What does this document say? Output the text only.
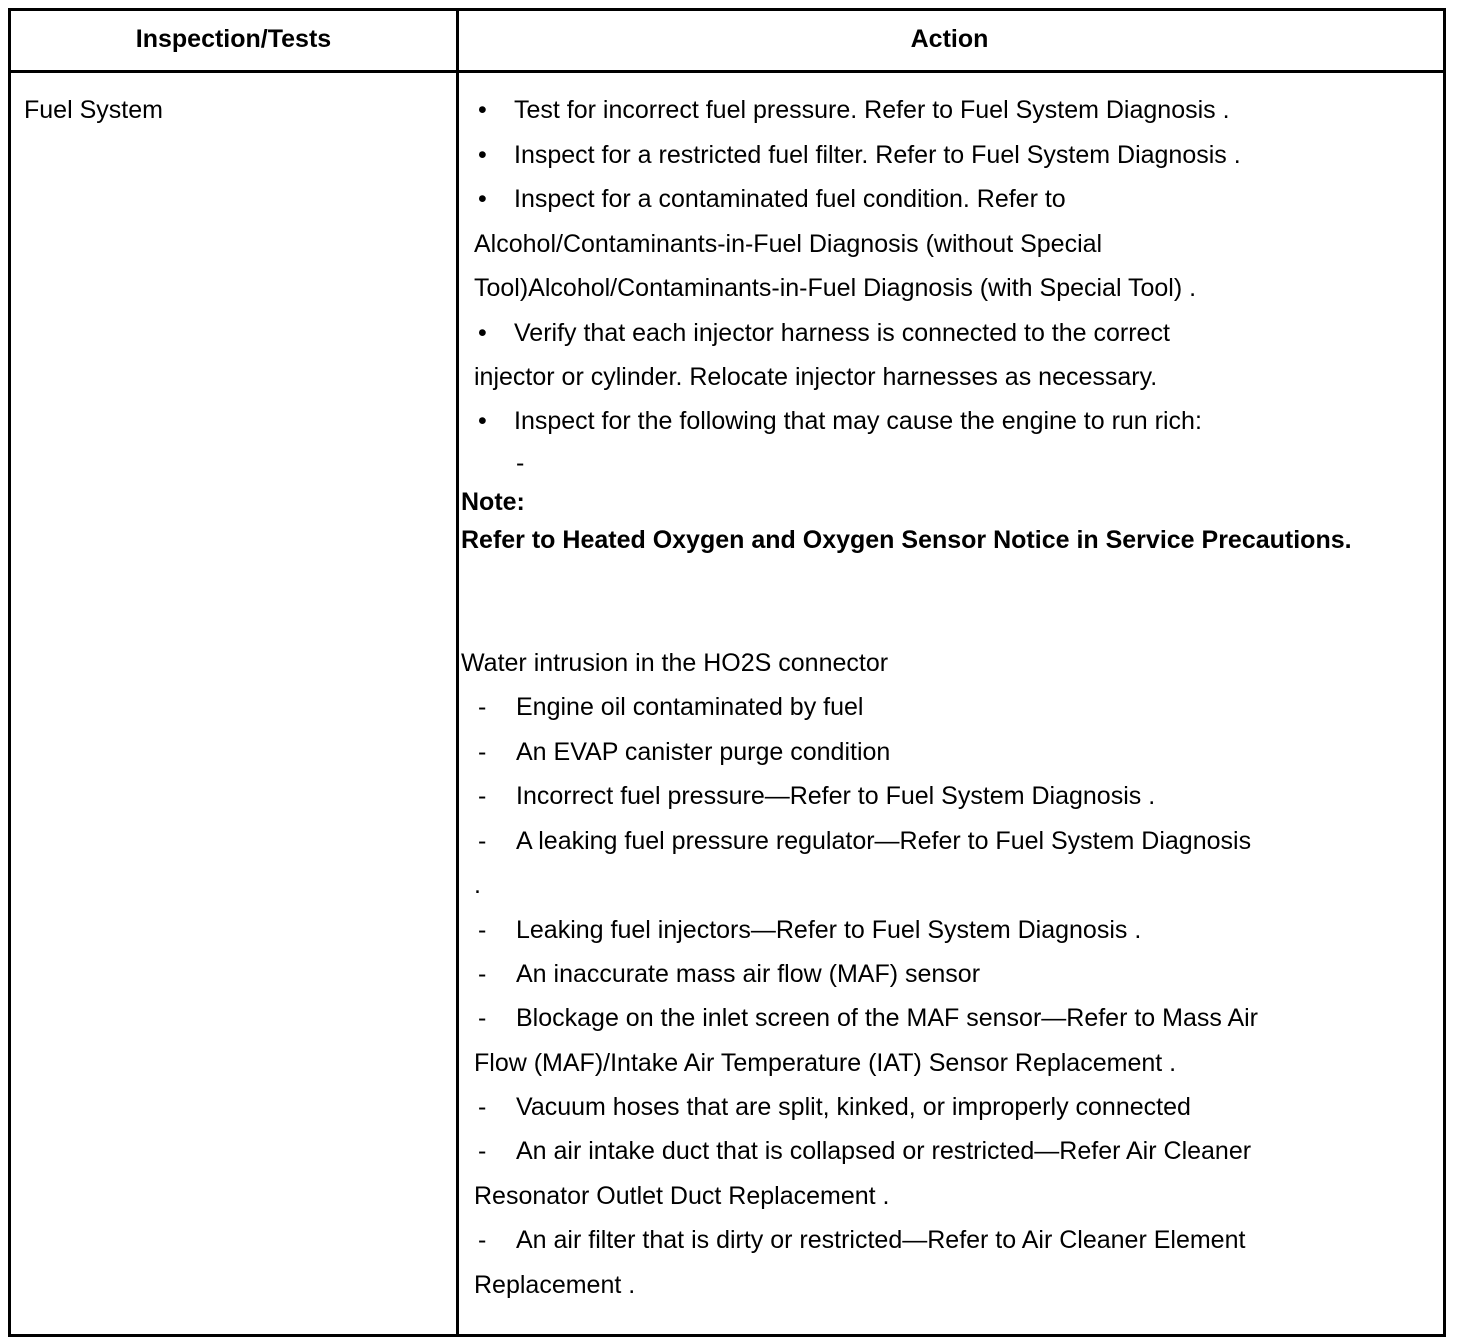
Inspection/Tests	Action
Fuel System	• Test for incorrect fuel pressure. Refer to Fuel System Diagnosis .
• Inspect for a restricted fuel filter. Refer to Fuel System Diagnosis .
• Inspect for a contaminated fuel condition. Refer to
Alcohol/Contaminants-in-Fuel Diagnosis (without Special
Tool)Alcohol/Contaminants-in-Fuel Diagnosis (with Special Tool) .
• Verify that each injector harness is connected to the correct
injector or cylinder. Relocate injector harnesses as necessary.
• Inspect for the following that may cause the engine to run rich:
-
Note:
Refer to Heated Oxygen and Oxygen Sensor Notice in Service Precautions.
Water intrusion in the HO2S connector
- Engine oil contaminated by fuel
- An EVAP canister purge condition
- Incorrect fuel pressure—Refer to Fuel System Diagnosis .
- A leaking fuel pressure regulator—Refer to Fuel System Diagnosis
.
- Leaking fuel injectors—Refer to Fuel System Diagnosis .
- An inaccurate mass air flow (MAF) sensor
- Blockage on the inlet screen of the MAF sensor—Refer to Mass Air
Flow (MAF)/Intake Air Temperature (IAT) Sensor Replacement .
- Vacuum hoses that are split, kinked, or improperly connected
- An air intake duct that is collapsed or restricted—Refer Air Cleaner
Resonator Outlet Duct Replacement .
- An air filter that is dirty or restricted—Refer to Air Cleaner Element
Replacement .
